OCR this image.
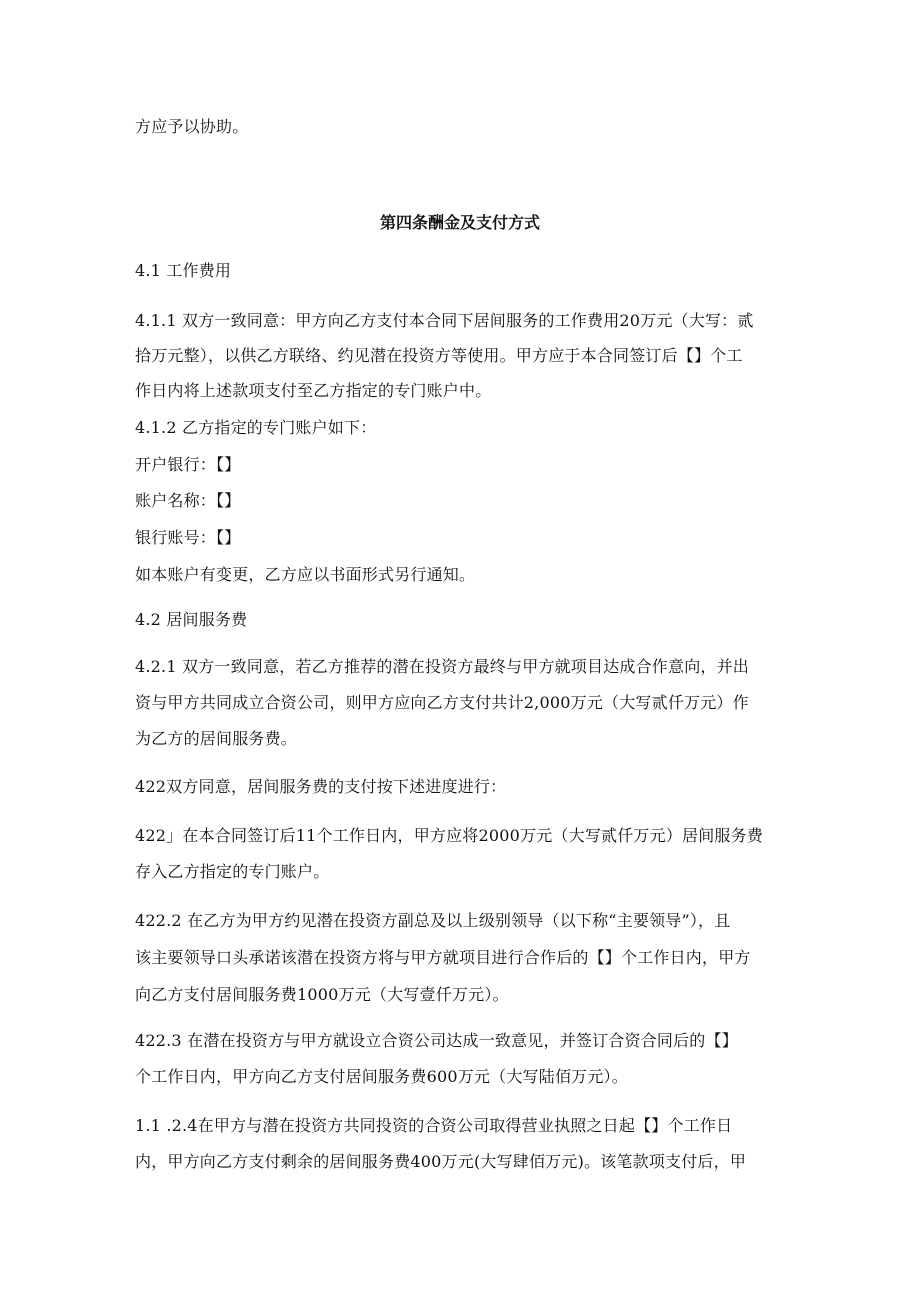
方应予以协助。
第四条酬金及支付方式
4.1 工作费用
4.1.1 双方一致同意：甲方向乙方支付本合同下居间服务的工作费用20万元（大写：贰
拾万元整），以供乙方联络、约见潜在投资方等使用。甲方应于本合同签订后【】个工
作日内将上述款项支付至乙方指定的专门账户中。
4.1.2 乙方指定的专门账户如下：
开户银行：【】
账户名称：【】
银行账号：【】
如本账户有变更，乙方应以书面形式另行通知。
4.2 居间服务费
4.2.1 双方一致同意，若乙方推荐的潜在投资方最终与甲方就项目达成合作意向，并出
资与甲方共同成立合资公司，则甲方应向乙方支付共计2,000万元（大写贰仟万元）作
为乙方的居间服务费。
422双方同意，居间服务费的支付按下述进度进行：
422」在本合同签订后11个工作日内，甲方应将2000万元（大写贰仟万元）居间服务费
存入乙方指定的专门账户。
422.2 在乙方为甲方约见潜在投资方副总及以上级别领导（以下称“主要领导”），且
该主要领导口头承诺该潜在投资方将与甲方就项目进行合作后的【】个工作日内，甲方
向乙方支付居间服务费1000万元（大写壹仟万元）。
422.3 在潜在投资方与甲方就设立合资公司达成一致意见，并签订合资合同后的【】
个工作日内，甲方向乙方支付居间服务费600万元（大写陆佰万元）。
1.1 .2.4在甲方与潜在投资方共同投资的合资公司取得营业执照之日起【】个工作日
内，甲方向乙方支付剩余的居间服务费400万元(大写肆佰万元)。该笔款项支付后，甲
